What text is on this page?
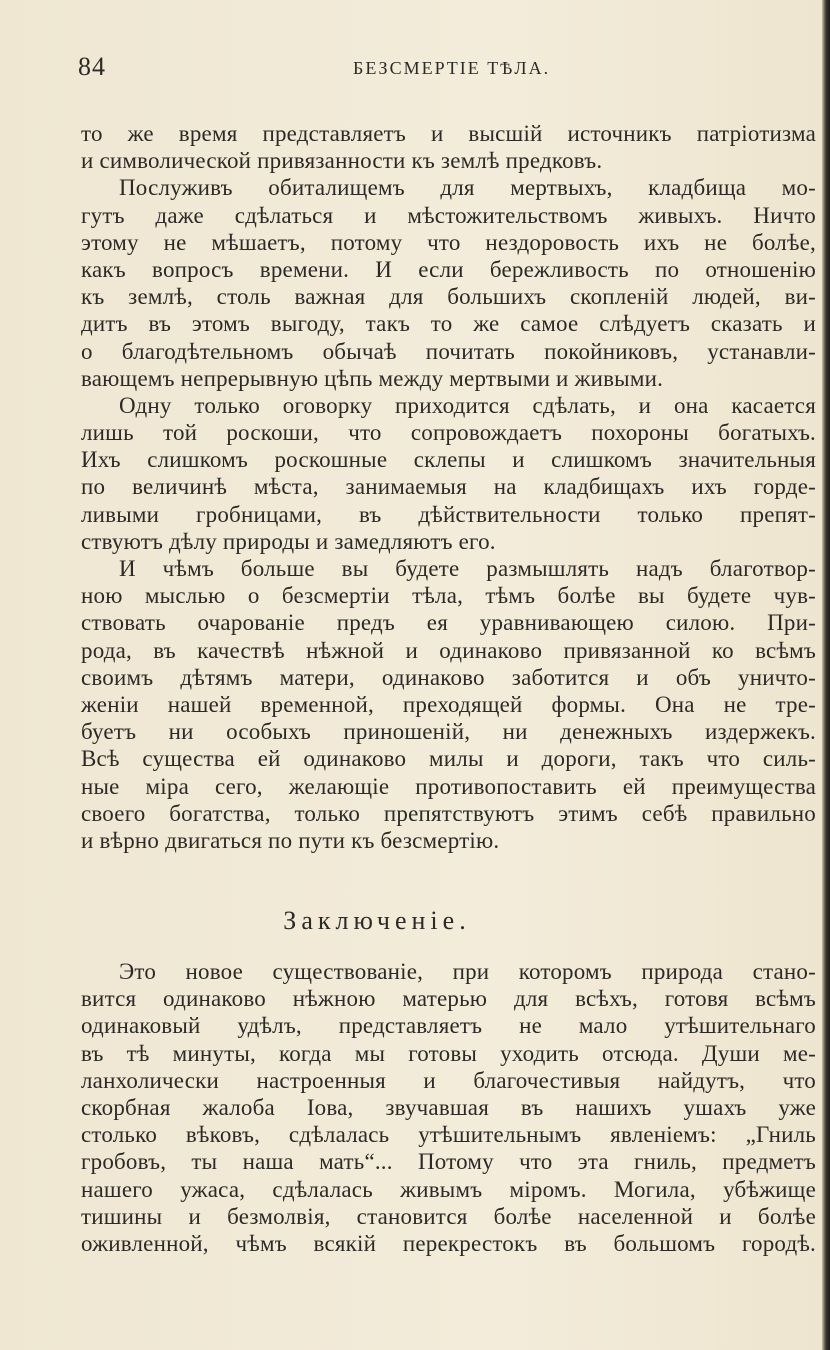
84	БЕЗСМЕРТІЕ ТѢЛА.
то же время представляетъ и высшій источникъ патріотизма
и символической привязанности къ землѣ предковъ.
Послуживъ обиталищемъ для мертвыхъ, кладбища мо-
гутъ даже сдѣлаться и мѣстожительствомъ живыхъ. Ничто
этому не мѣшаетъ, потому что нездоровость ихъ не болѣе,
какъ вопросъ времени. И если бережливость по отношенію
къ землѣ, столь важная для большихъ скопленій людей, ви-
дитъ въ этомъ выгоду, такъ то же самое слѣдуетъ сказать и
о благодѣтельномъ обычаѣ почитать покойниковъ, устанавли-
вающемъ непрерывную цѣпь между мертвыми и живыми.
Одну только оговорку приходится сдѣлать, и она касается
лишь той роскоши, что сопровождаетъ похороны богатыхъ.
Ихъ слишкомъ роскошные склепы и слишкомъ значительныя
по величинѣ мѣста, занимаемыя на кладбищахъ ихъ горде-
ливыми гробницами, въ дѣйствительности только препят-
ствуютъ дѣлу природы и замедляютъ его.
И чѣмъ больше вы будете размышлять надъ благотвор-
ною мыслью о безсмертіи тѣла, тѣмъ болѣе вы будете чув-
ствовать очарованіе предъ ея уравнивающею силою. При-
рода, въ качествѣ нѣжной и одинаково привязанной ко всѣмъ
своимъ дѣтямъ матери, одинаково заботится и объ уничто-
женіи нашей временной, преходящей формы. Она не тре-
буетъ ни особыхъ приношеній, ни денежныхъ издержекъ.
Всѣ существа ей одинаково милы и дороги, такъ что силь-
ные міра сего, желающіе противопоставить ей преимущества
своего богатства, только препятствуютъ этимъ себѣ правильно
и вѣрно двигаться по пути къ безсмертію.
Заключеніе.
Это новое существованіе, при которомъ природа стано-
вится одинаково нѣжною матерью для всѣхъ, готовя всѣмъ
одинаковый удѣлъ, представляетъ не мало утѣшительнаго
въ тѣ минуты, когда мы готовы уходить отсюда. Души ме-
ланхолически настроенныя и благочестивыя найдутъ, что
скорбная жалоба Іова, звучавшая въ нашихъ ушахъ уже
столько вѣковъ, сдѣлалась утѣшительнымъ явленіемъ: „Гниль
гробовъ, ты наша мать“... Потому что эта гниль, предметъ
нашего ужаса, сдѣлалась живымъ міромъ. Могила, убѣжище
тишины и безмолвія, становится болѣе населенной и болѣе
оживленной, чѣмъ всякій перекрестокъ въ большомъ городѣ.
